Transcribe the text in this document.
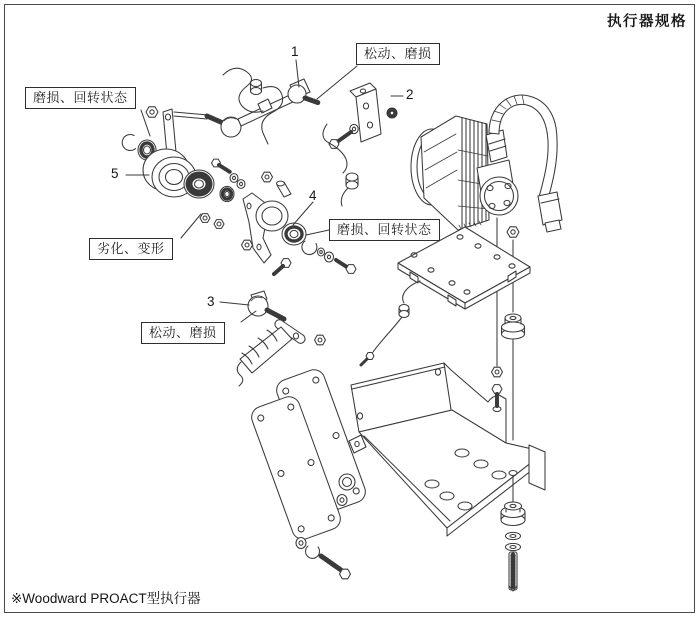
执行器规格
磨损、回转状态
松动、磨损
磨损、回转状态
劣化、变形
松动、磨损
1
2
3
4
5
※Woodward PROACT型执行器
